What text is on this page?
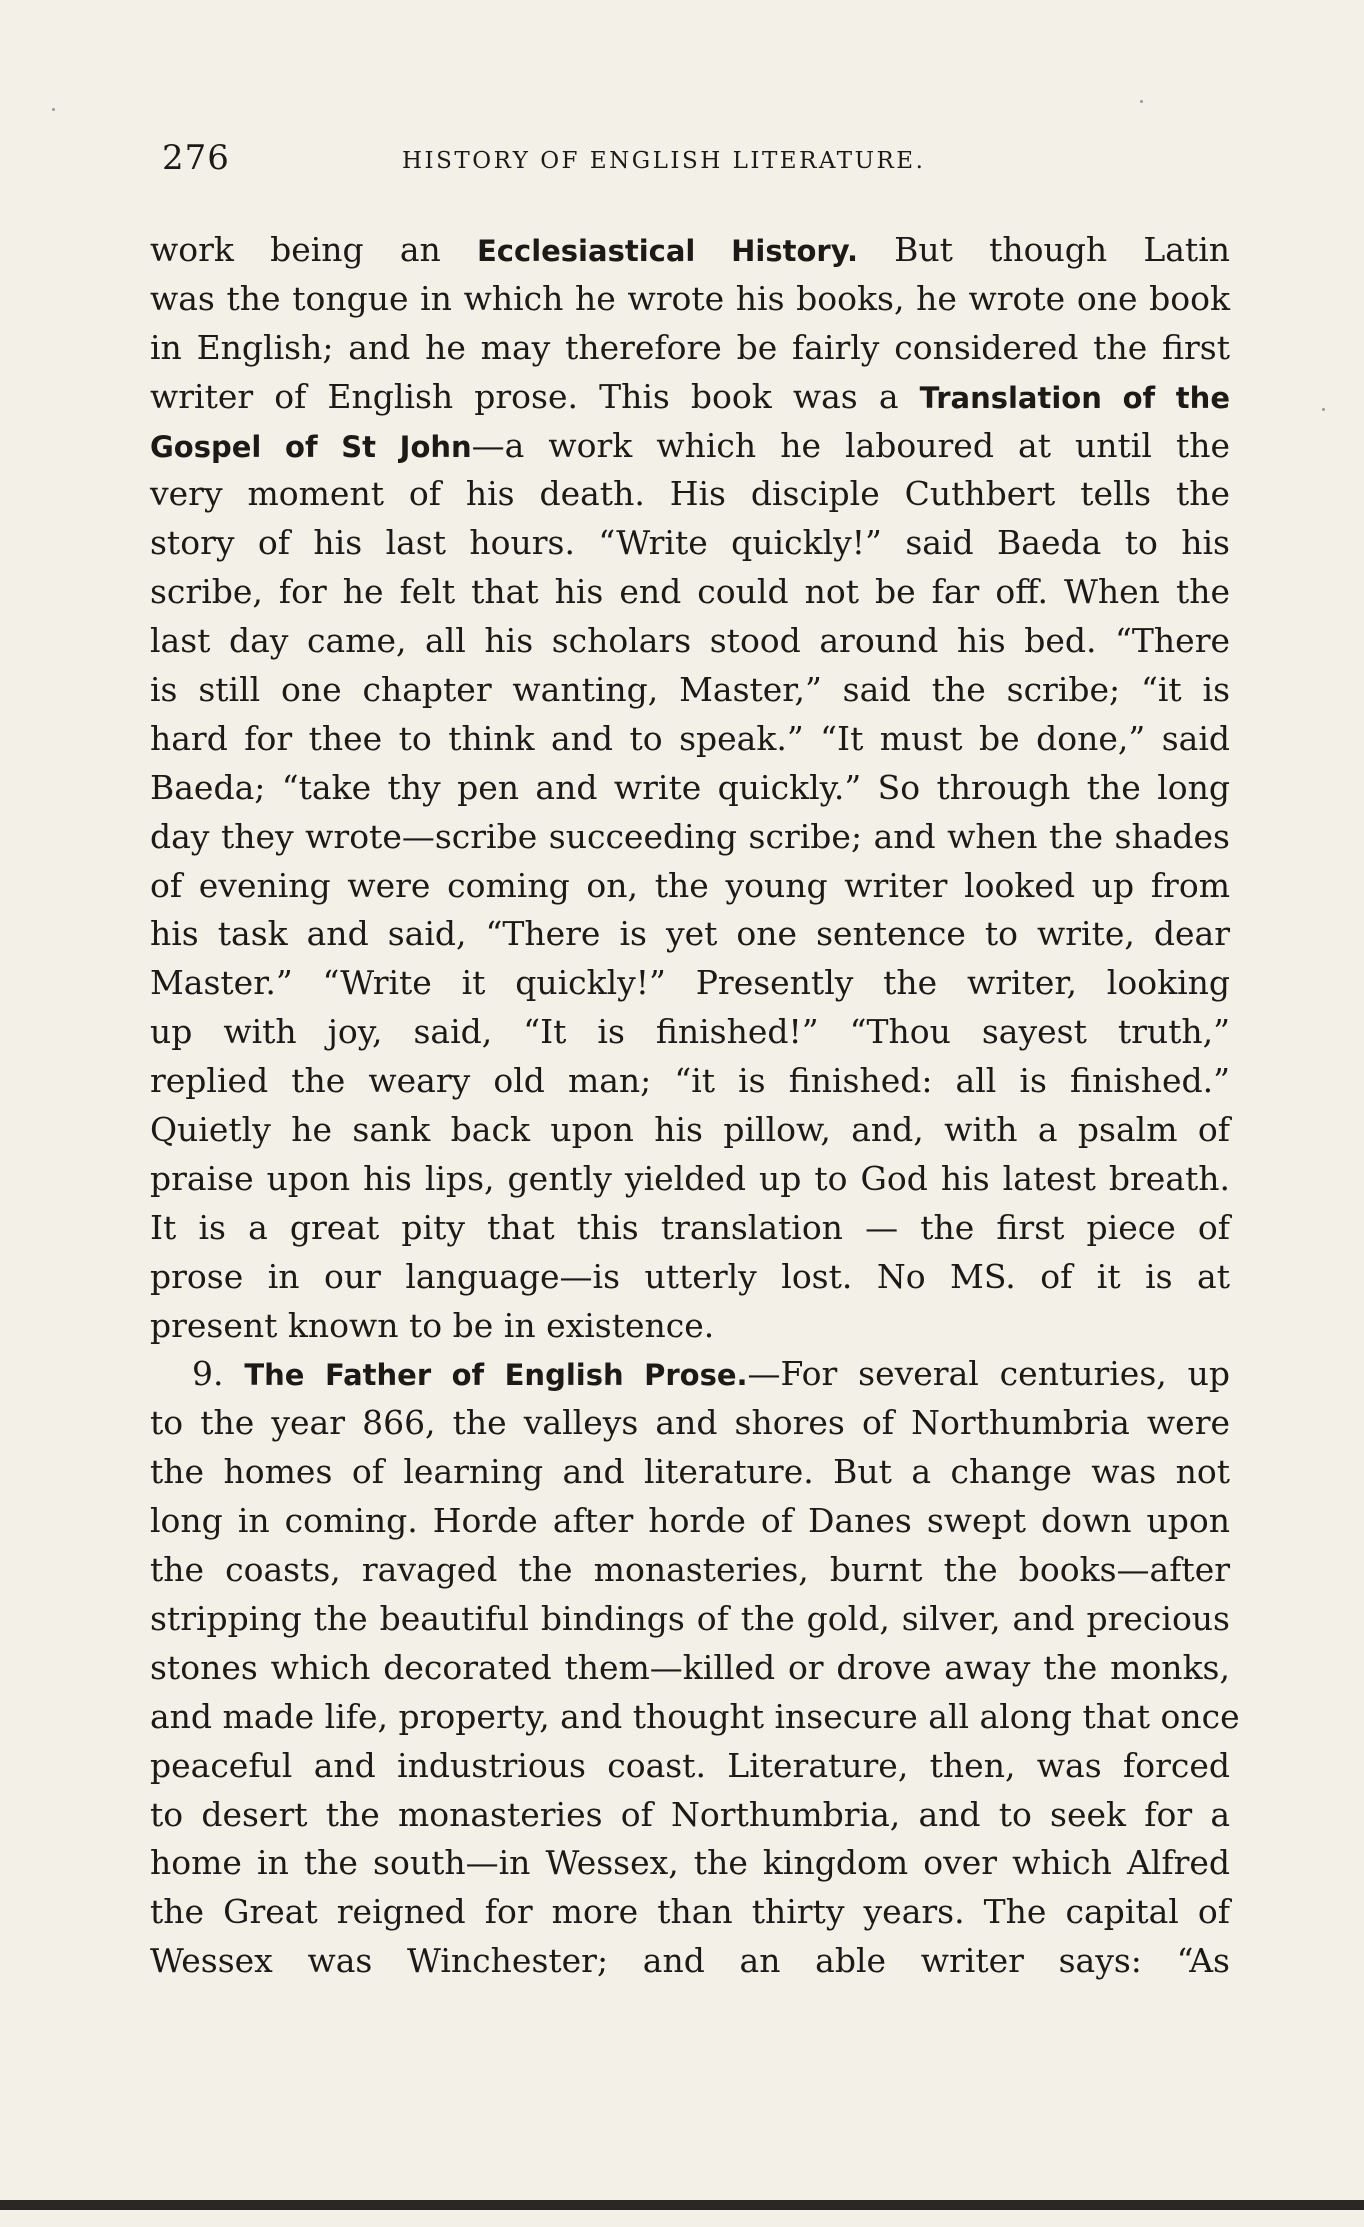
276	HISTORY OF ENGLISH LITERATURE.
work being an Ecclesiastical History. But though Latin
was the tongue in which he wrote his books, he wrote one book
in English; and he may therefore be fairly considered the first
writer of English prose. This book was a Translation of the
Gospel of St John—a work which he laboured at until the
very moment of his death. His disciple Cuthbert tells the
story of his last hours. “Write quickly!” said Baeda to his
scribe, for he felt that his end could not be far off. When the
last day came, all his scholars stood around his bed. “There
is still one chapter wanting, Master,” said the scribe; “it is
hard for thee to think and to speak.” “It must be done,” said
Baeda; “take thy pen and write quickly.” So through the long
day they wrote—scribe succeeding scribe; and when the shades
of evening were coming on, the young writer looked up from
his task and said, “There is yet one sentence to write, dear
Master.” “Write it quickly!” Presently the writer, looking
up with joy, said, “It is finished!” “Thou sayest truth,”
replied the weary old man; “it is finished: all is finished.”
Quietly he sank back upon his pillow, and, with a psalm of
praise upon his lips, gently yielded up to God his latest breath.
It is a great pity that this translation — the first piece of
prose in our language—is utterly lost. No MS. of it is at
present known to be in existence.
9. The Father of English Prose.—For several centuries, up
to the year 866, the valleys and shores of Northumbria were
the homes of learning and literature. But a change was not
long in coming. Horde after horde of Danes swept down upon
the coasts, ravaged the monasteries, burnt the books—after
stripping the beautiful bindings of the gold, silver, and precious
stones which decorated them—killed or drove away the monks,
and made life, property, and thought insecure all along that once
peaceful and industrious coast. Literature, then, was forced
to desert the monasteries of Northumbria, and to seek for a
home in the south—in Wessex, the kingdom over which Alfred
the Great reigned for more than thirty years. The capital of
Wessex was Winchester; and an able writer says: “As
